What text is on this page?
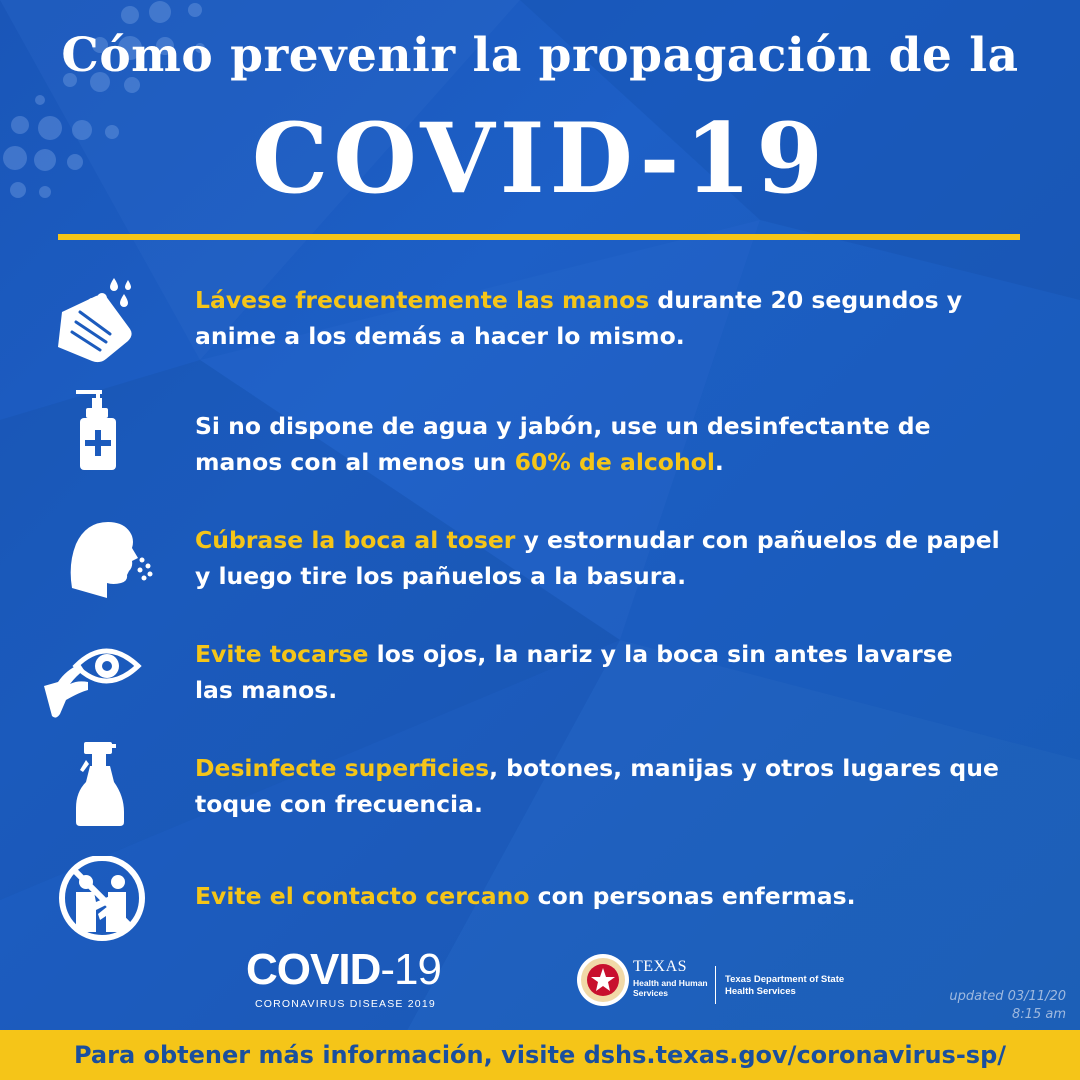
Cómo prevenir la propagación de la
COVID-19
Lávese frecuentemente las manos durante 20 segundos y
anime a los demás a hacer lo mismo.
Si no dispone de agua y jabón, use un desinfectante de
manos con al menos un 60% de alcohol.
Cúbrase la boca al toser y estornudar con pañuelos de papel
y luego tire los pañuelos a la basura.
Evite tocarse los ojos, la nariz y la boca sin antes lavarse
las manos.
Desinfecte superficies, botones, manijas y otros lugares que
toque con frecuencia.
Evite el contacto cercano con personas enfermas.
COVID-19
CORONAVIRUS DISEASE 2019
TEXAS
Health and Human Services
Texas Department of State Health Services	updated 03/11/20
8:15 am
Para obtener más información, visite dshs.texas.gov/coronavirus-sp/
